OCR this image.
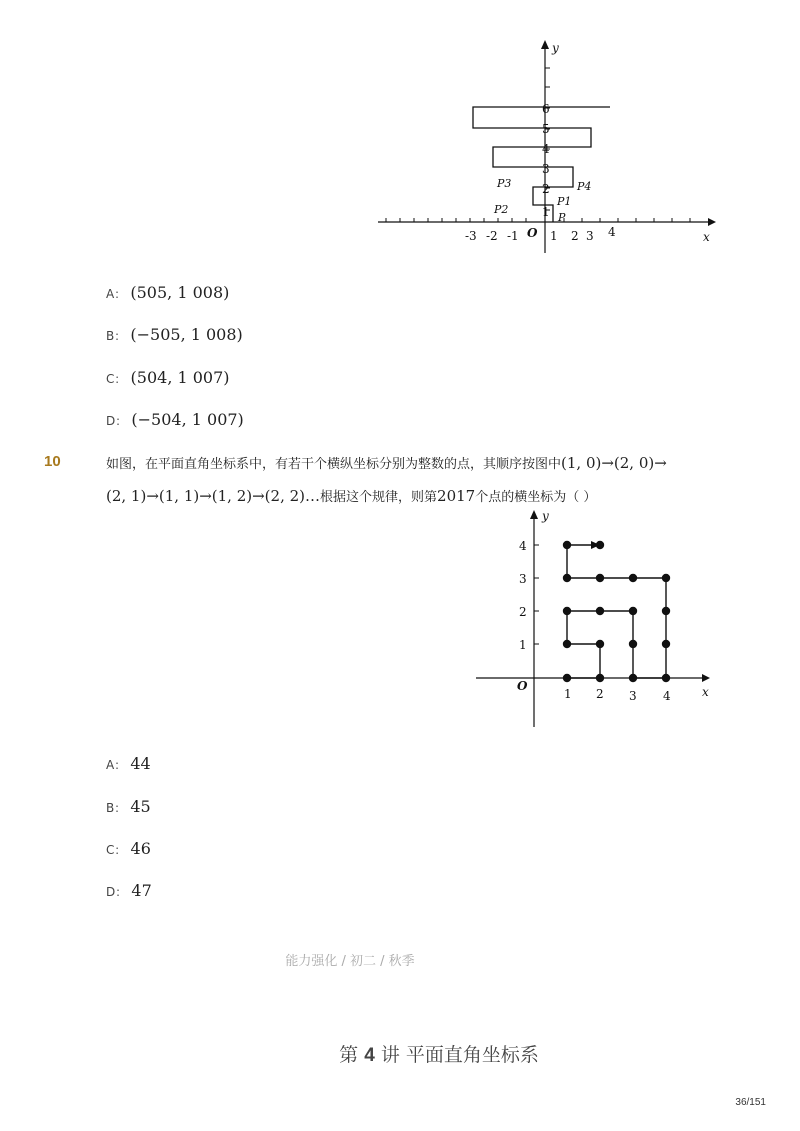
-3 -2 -1	1 2 3 4
1
2
3
4
5
6
O	x
y
P
P1
P2
P3	P4
A： (505, 1 008)
B： (−505, 1 008)
C： (504, 1 007)
D： (−504, 1 007)
10	如图，在平面直角坐标系中，有若干个横纵坐标分别为整数的点，其顺序按图中(1, 0)→(2, 0)→
(2, 1)→(1, 1)→(1, 2)→(2, 2)…根据这个规律，则第2017个点的横坐标为（ ）
1 2 3 4
1
2
3
4
O	x
y
A： 44
B： 45
C： 46
D： 47
能力强化 / 初二 / 秋季
第 4 讲 平面直角坐标系
36/151
